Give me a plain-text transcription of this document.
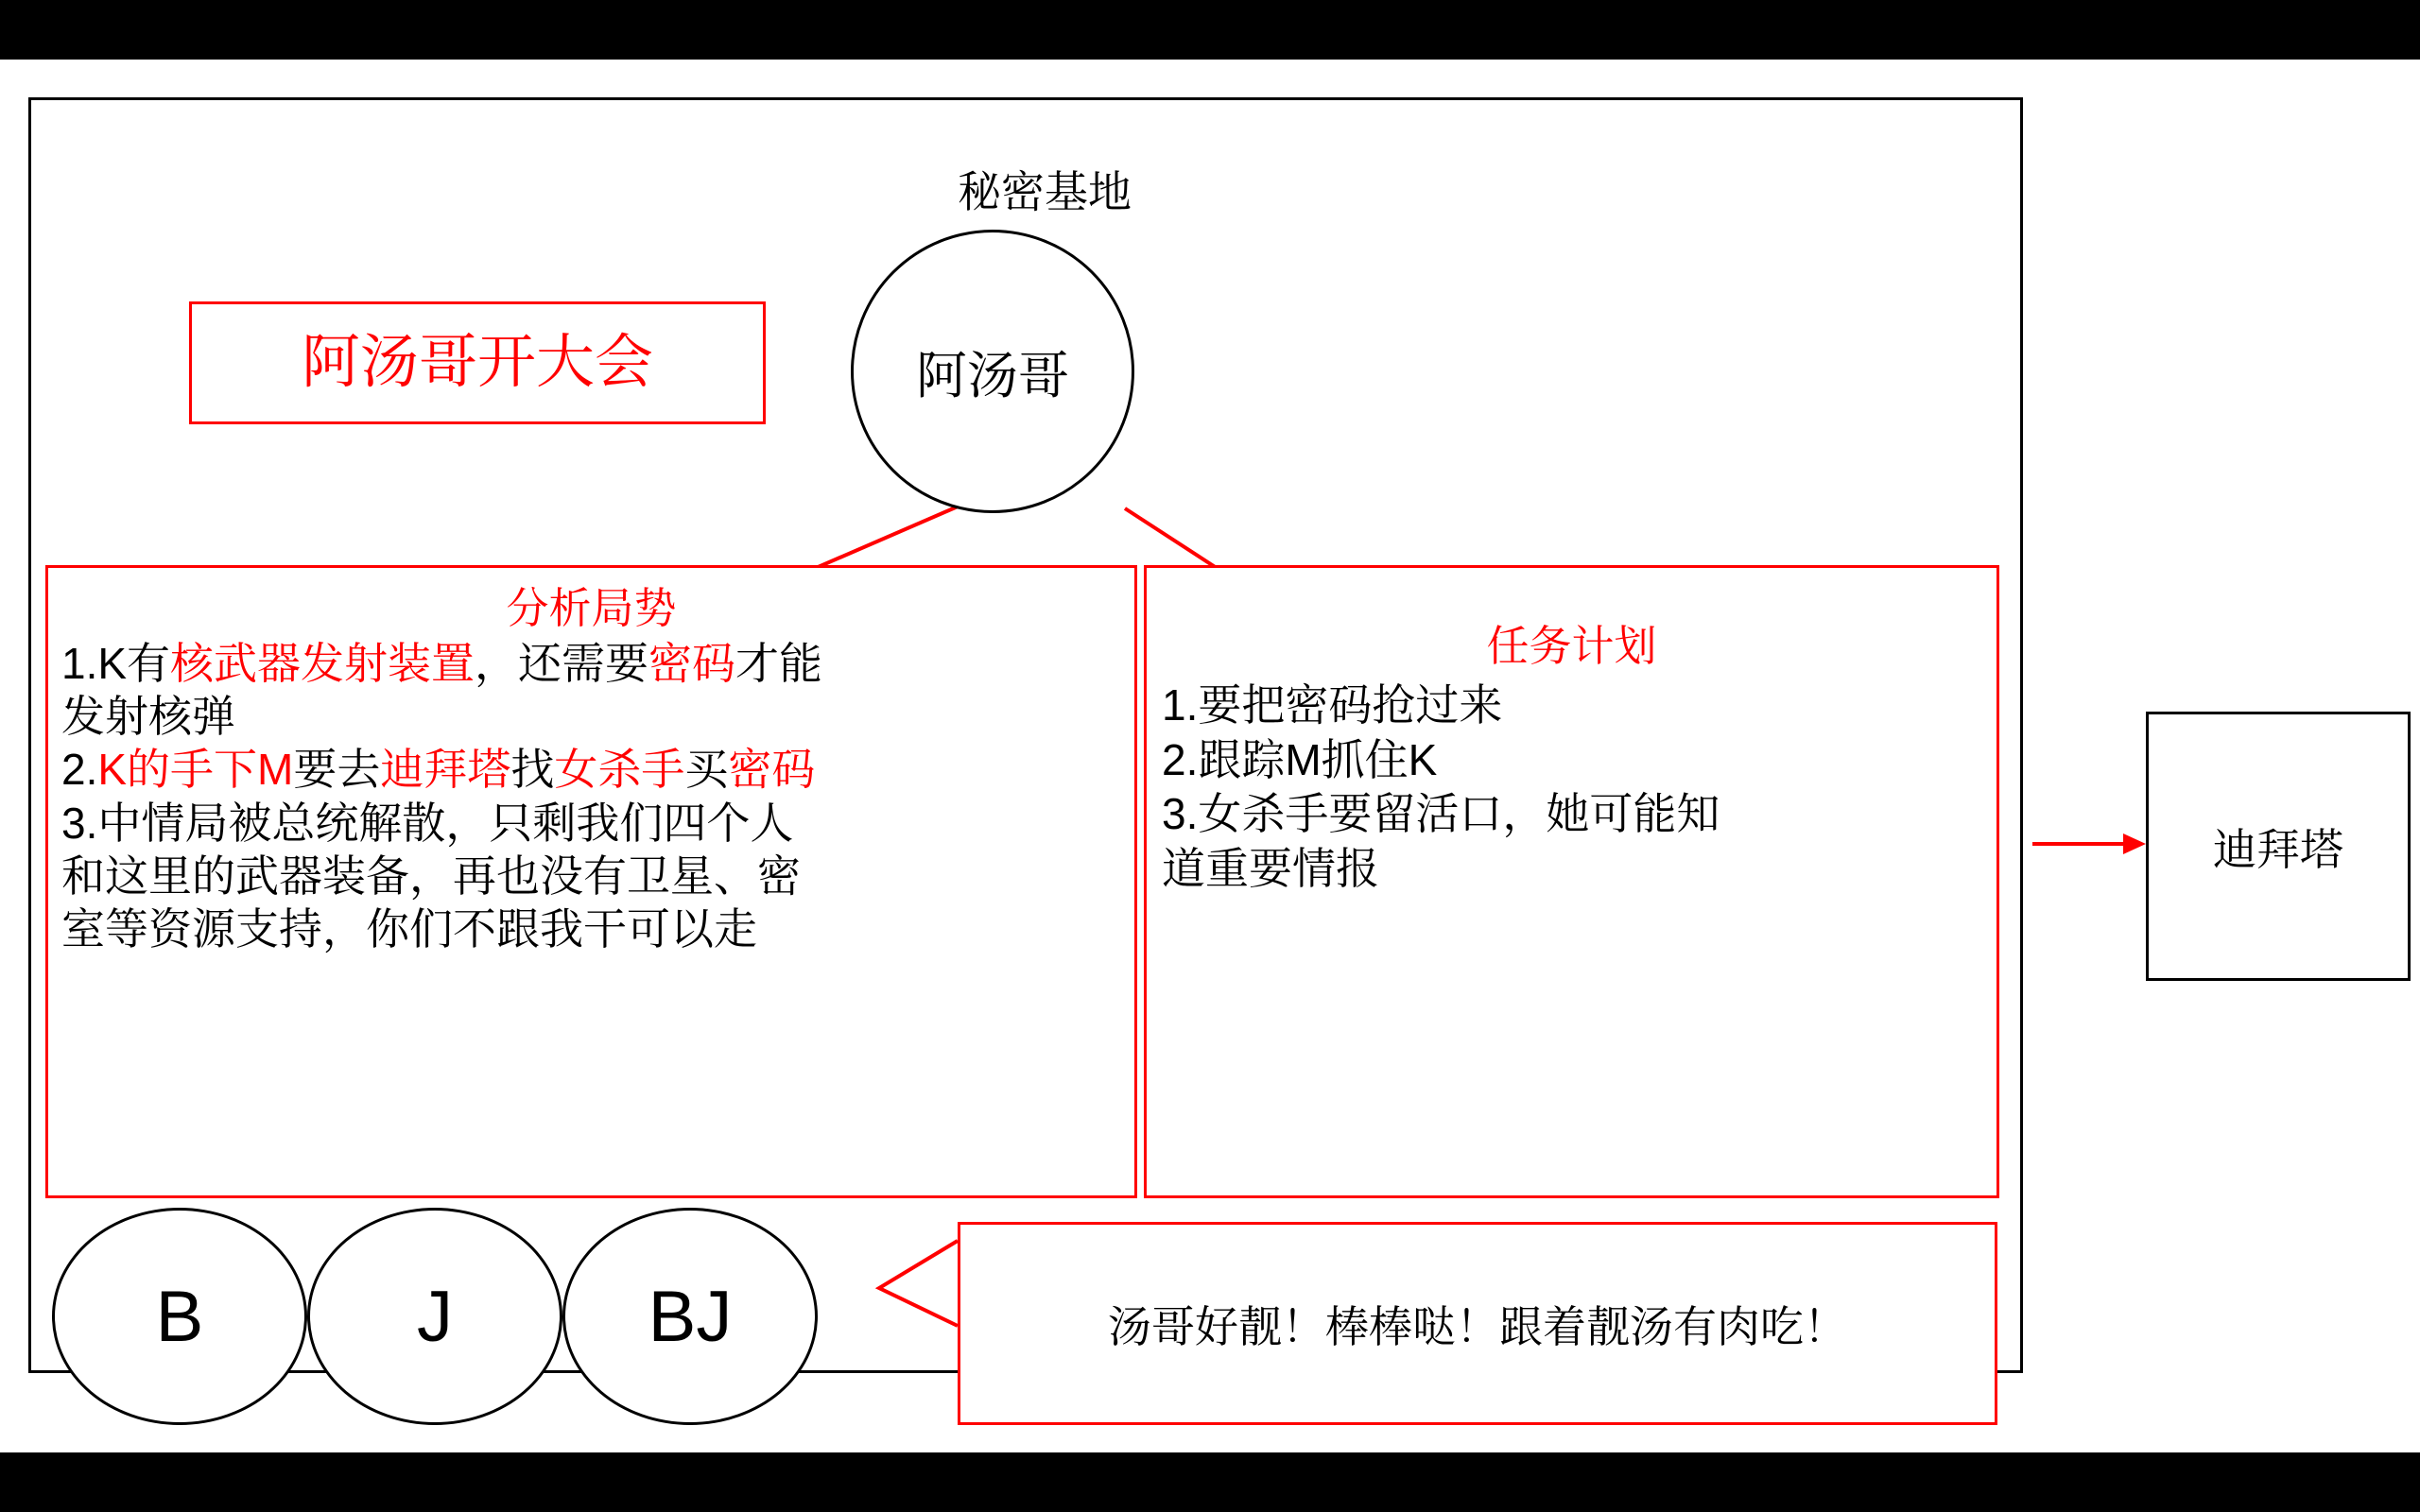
秘密基地
阿汤哥开大会	阿汤哥
分析局势
1.K有核武器发射装置，还需要密码才能
发射核弹
2.K的手下M要去迪拜塔找女杀手买密码
3.中情局被总统解散，只剩我们四个人
和这里的武器装备，再也没有卫星、密
室等资源支持，你们不跟我干可以走
任务计划
1.要把密码抢过来
2.跟踪M抓住K
3.女杀手要留活口，她可能知
道重要情报	迪拜塔
B	J	BJ	汤哥好靓！棒棒哒！跟着靓汤有肉吃！
